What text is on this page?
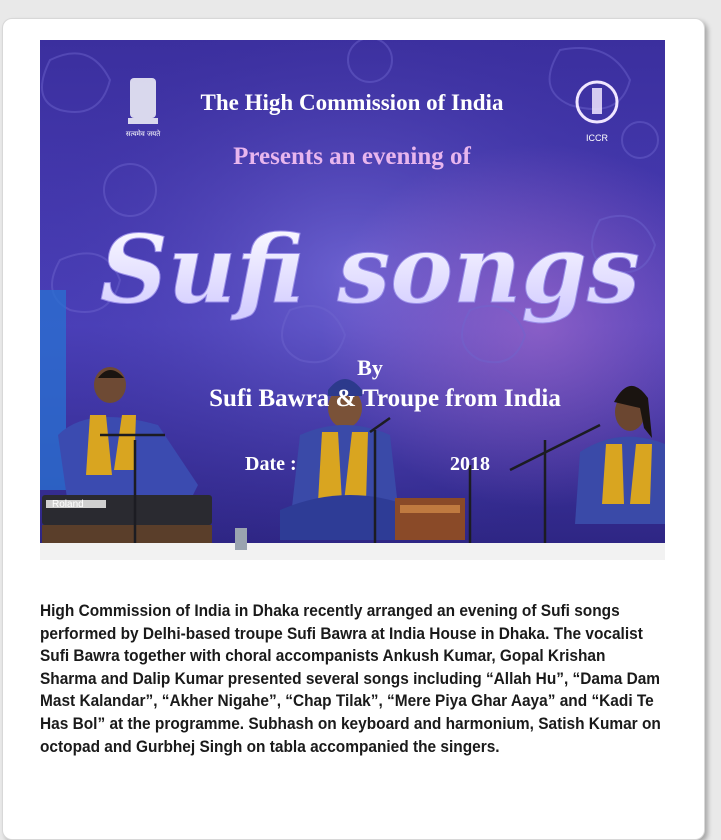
सत्यमेव जयते	ICCR
The High Commission of India
Presents an evening of
Sufi songs
Roland
By
Sufi Bawra & Troupe from India
Date :	2018

High Commission of India in Dhaka recently arranged an evening of Sufi songs performed by Delhi-based troupe Sufi Bawra at India House in Dhaka. The vocalist Sufi Bawra together with choral accompanists Ankush Kumar, Gopal Krishan Sharma and Dalip Kumar presented several songs including “Allah Hu”, “Dama Dam Mast Kalandar”, “Akher Nigahe”, “Chap Tilak”, “Mere Piya Ghar Aaya” and “Kadi Te Has Bol” at the programme. Subhash on keyboard and harmonium, Satish Kumar on octopad and Gurbhej Singh on tabla accompanied the singers.
